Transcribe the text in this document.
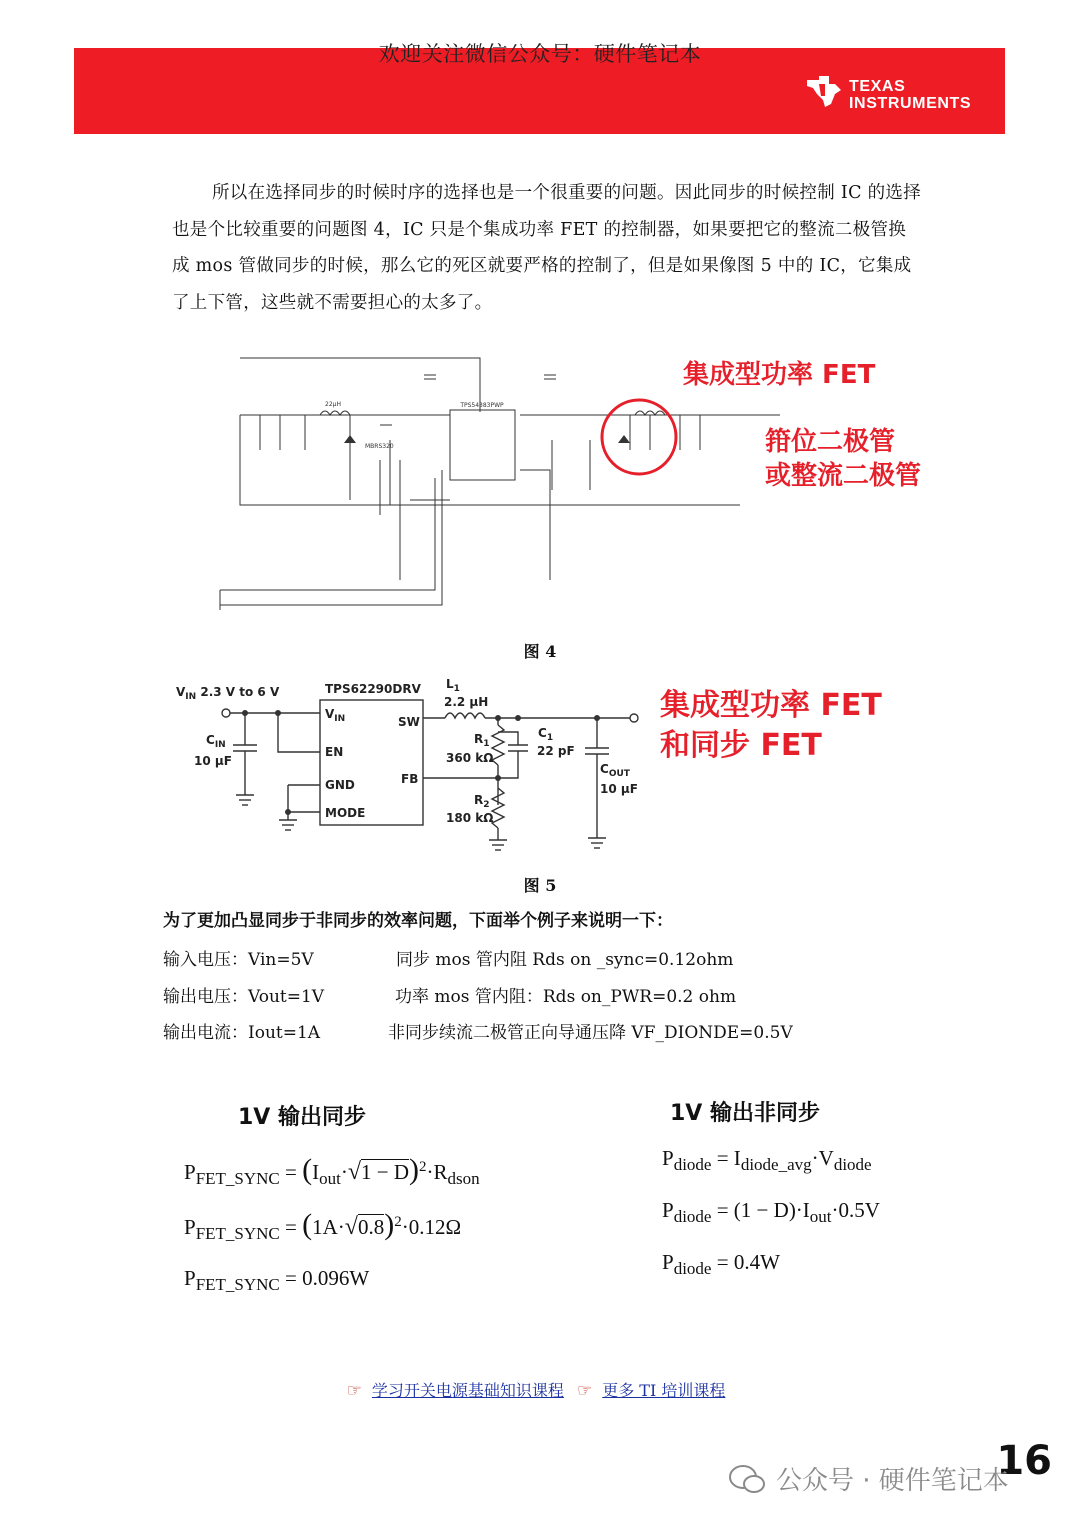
TEXAS
INSTRUMENTS
欢迎关注微信公众号：硬件笔记本
所以在选择同步的时候时序的选择也是一个很重要的问题。因此同步的时候控制 IC 的选择也是个比较重要的问题图 4，IC 只是个集成功率 FET 的控制器，如果要把它的整流二极管换成 mos 管做同步的时候，那么它的死区就要严格的控制了，但是如果像图 5 中的 IC，它集成了上下管，这些就不需要担心的太多了。
TPS54383PWP
MBRS320
22μH
集成型功率 FET
箝位二极管
或整流二极管
图 4
$V_{IN}$ 2.3 V to 6 V	TPS62290DRV
$V_{IN}$
EN
GND
MODE
SW
FB
$C_{IN}$
10 μF
$L_1$
2.2 μH
$R_1$
360 kΩ
$C_1$
22 pF
$R_2$
180 kΩ
$C_{OUT}$
10 μF
集成型功率 FET
和同步 FET
图 5
为了更加凸显同步于非同步的效率问题，下面举个例子来说明一下：
输入电压：Vin=5V	同步 mos 管内阻 Rds on _sync=0.12ohm
输出电压：Vout=1V	功率 mos 管内阻：Rds on_PWR=0.2 ohm
输出电流：Iout=1A	非同步续流二极管正向导通压降 VF_DIONDE=0.5V
1V 输出同步	1V 输出非同步
$P_{FET\_SYNC} = (I_{out}\cdot√1 - D)^2\cdot R_{dson}$
$P_{FET\_SYNC} = (1A\cdot√0.8)^2\cdot 0.12\Omega$
$P_{FET\_SYNC} = 0.096W$
$P_{diode} = I_{diode\_avg}\cdot V_{diode}$
$P_{diode} = (1 - D)\cdot I_{out}\cdot 0.5V$
$P_{diode} = 0.4W$
☞ 学习开关电源基础知识课程 ☞ 更多 TI 培训课程
16
公众号 · 硬件笔记本
